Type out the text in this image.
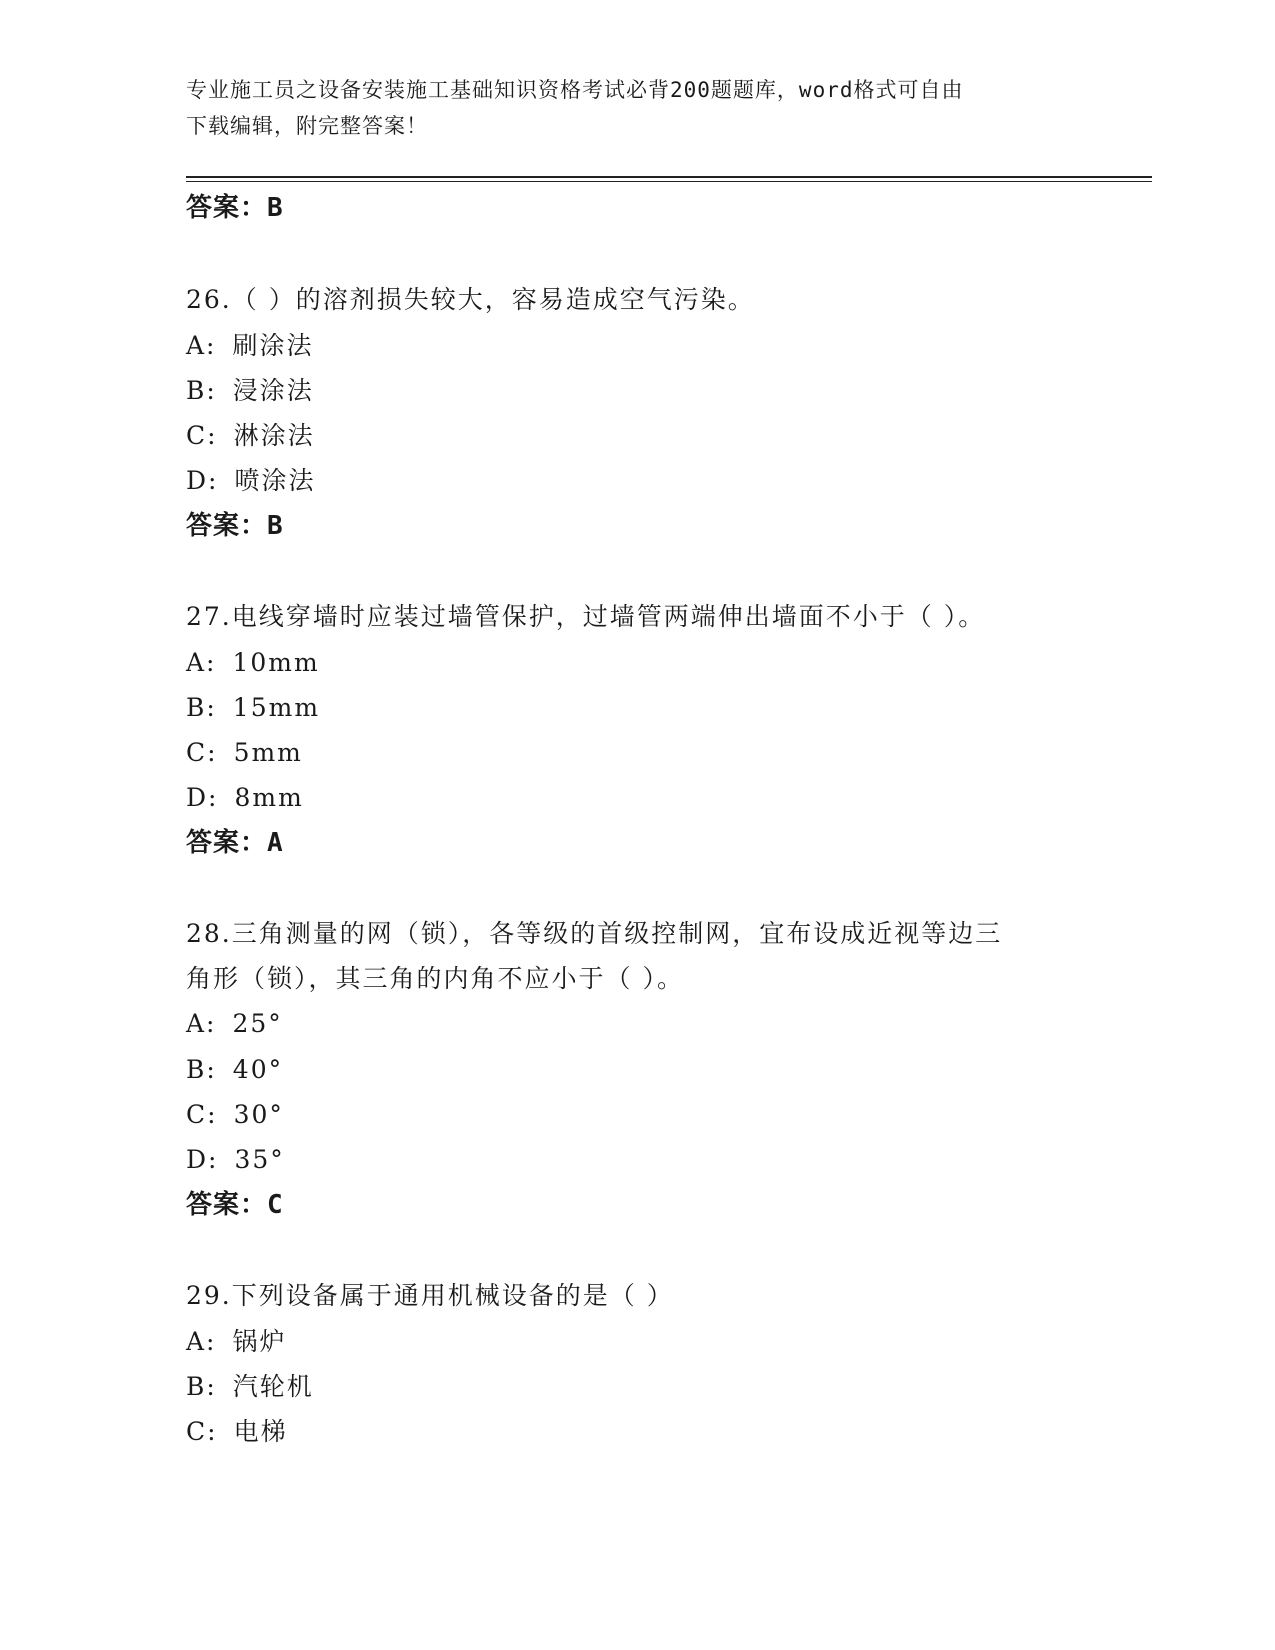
专业施工员之设备安装施工基础知识资格考试必背200题题库，word格式可自由
下载编辑，附完整答案！
答案：B
26.（ ）的溶剂损失较大，容易造成空气污染。
A: 刷涂法
B: 浸涂法
C: 淋涂法
D: 喷涂法
答案：B
27.电线穿墙时应装过墙管保护，过墙管两端伸出墙面不小于（ ）。
A: 10mm
B: 15mm
C: 5mm
D: 8mm
答案：A
28.三角测量的网（锁），各等级的首级控制网，宜布设成近视等边三
角形（锁），其三角的内角不应小于（ ）。
A: 25°
B: 40°
C: 30°
D: 35°
答案：C
29.下列设备属于通用机械设备的是（ ）
A: 锅炉
B: 汽轮机
C: 电梯
